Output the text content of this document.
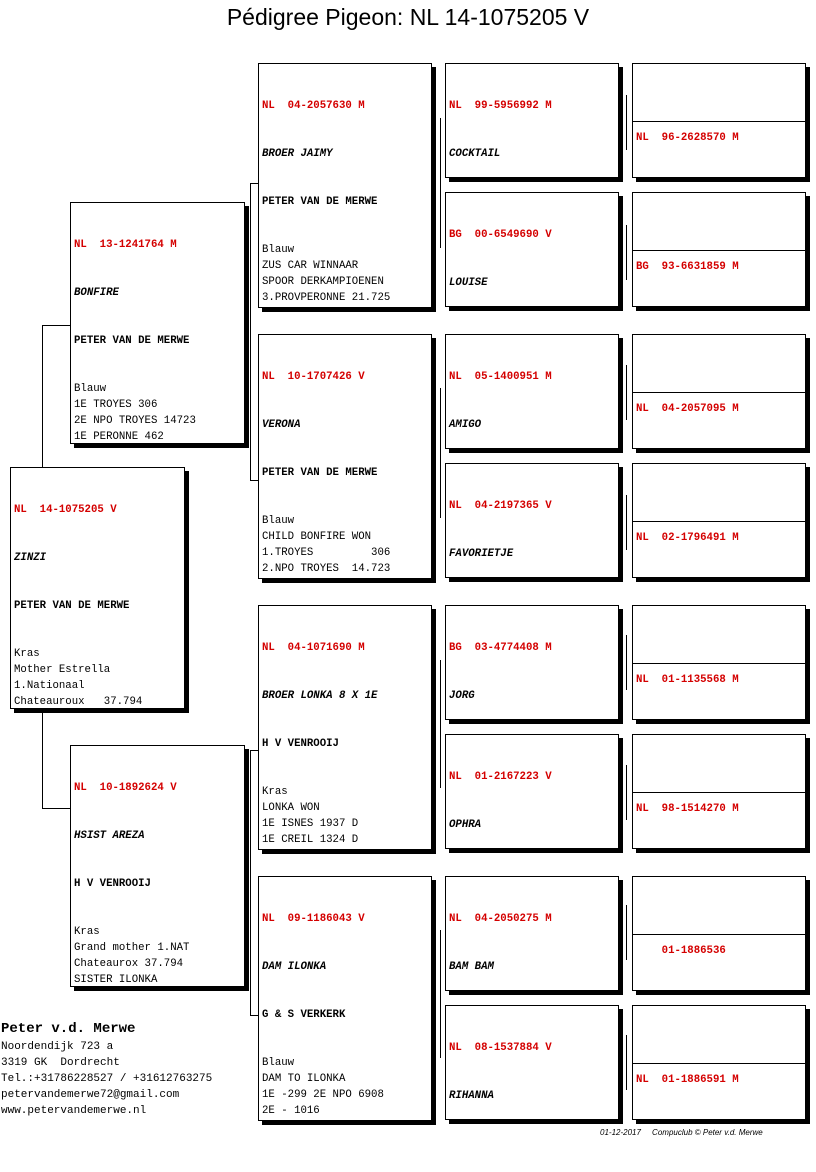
Pédigree Pigeon: NL 14-1075205 V

NL  14-1075205 V

ZINZI

PETER VAN DE MERWE

Kras
Mother Estrella
1.Nationaal
Chateauroux   37.794

NL  13-1241764 M

BONFIRE

PETER VAN DE MERWE

Blauw
1E TROYES 306
2E NPO TROYES 14723
1E PERONNE 462

NL  10-1892624 V

HSIST AREZA

H V VENROOIJ

Kras
Grand mother 1.NAT
Chateaurox 37.794
SISTER ILONKA

NL  04-2057630 M

BROER JAIMY

PETER VAN DE MERWE

Blauw
ZUS CAR WINNAAR
SPOOR DERKAMPIOENEN
3.PROVPERONNE 21.725

NL  10-1707426 V

VERONA

PETER VAN DE MERWE

Blauw
CHILD BONFIRE WON
1.TROYES         306
2.NPO TROYES  14.723

NL  04-1071690 M

BROER LONKA 8 X 1E

H V VENROOIJ

Kras
LONKA WON
1E ISNES 1937 D
1E CREIL 1324 D

NL  09-1186043 V

DAM ILONKA

G & S VERKERK

Blauw
DAM TO ILONKA
1E -299 2E NPO 6908
2E - 1016

NL  99-5956992 M

COCKTAIL

BG  00-6549690 V

LOUISE

NL  05-1400951 M

AMIGO

NL  04-2197365 V

FAVORIETJE

BG  03-4774408 M

JORG

NL  01-2167223 V

OPHRA

NL  04-2050275 M

BAM BAM

NL  08-1537884 V

RIHANNA

NL  96-2628570 M

BG  93-6631859 M

NL  04-2057095 M

NL  02-1796491 M

NL  01-1135568 M

NL  98-1514270 M

01-1886536

NL  01-1886591 M

Peter v.d. Merwe
Noordendijk 723 a
3319 GK  Dordrecht
Tel.:+31786228527 / +31612763275
petervandemerwe72@gmail.com
www.petervandemerwe.nl
01-12-2017 Compuclub © Peter v.d. Merwe
